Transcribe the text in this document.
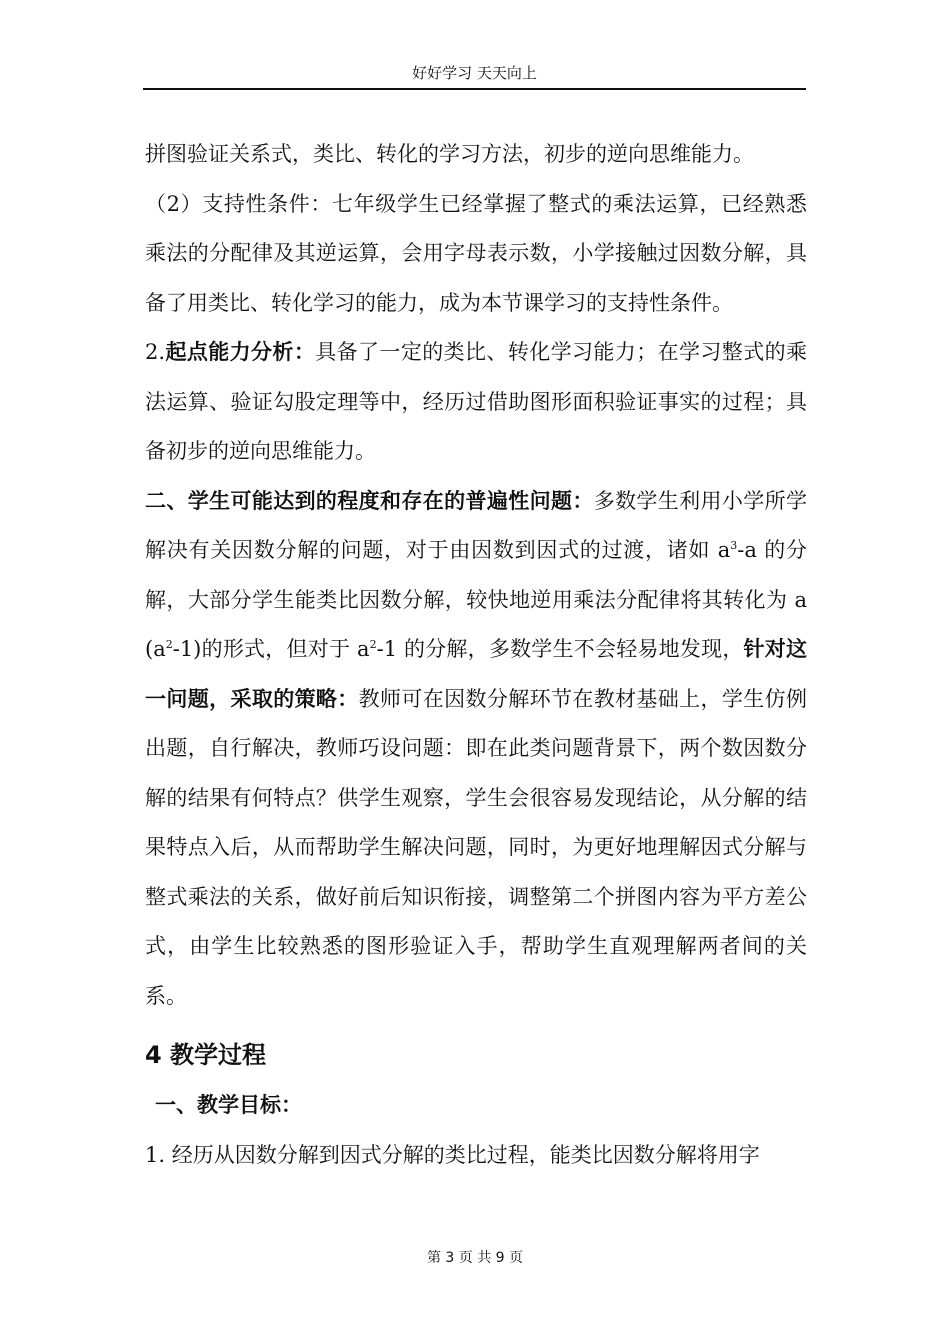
好好学习 天天向上

拼图验证关系式，类比、转化的学习方法，初步的逆向思维能力。

（2）支持性条件：七年级学生已经掌握了整式的乘法运算，已经熟悉乘法的分配律及其逆运算，会用字母表示数，小学接触过因数分解，具备了用类比、转化学习的能力，成为本节课学习的支持性条件。

2.起点能力分析：具备了一定的类比、转化学习能力；在学习整式的乘法运算、验证勾股定理等中，经历过借助图形面积验证事实的过程；具备初步的逆向思维能力。

二、学生可能达到的程度和存在的普遍性问题：多数学生利用小学所学解决有关因数分解的问题，对于由因数到因式的过渡，诸如 $a^3-a$ 的分解，大部分学生能类比因数分解，较快地逆用乘法分配律将其转化为 $a(a^2-1)$的形式，但对于 $a^2-1$ 的分解，多数学生不会轻易地发现，针对这一问题，采取的策略：教师可在因数分解环节在教材基础上，学生仿例出题，自行解决，教师巧设问题：即在此类问题背景下，两个数因数分解的结果有何特点？供学生观察，学生会很容易发现结论，从分解的结果特点入后，从而帮助学生解决问题，同时，为更好地理解因式分解与整式乘法的关系，做好前后知识衔接，调整第二个拼图内容为平方差公式，由学生比较熟悉的图形验证入手，帮助学生直观理解两者间的关系。

4 教学过程
一、教学目标：

1. 经历从因数分解到因式分解的类比过程，能类比因数分解将用字

第 3 页 共 9 页
